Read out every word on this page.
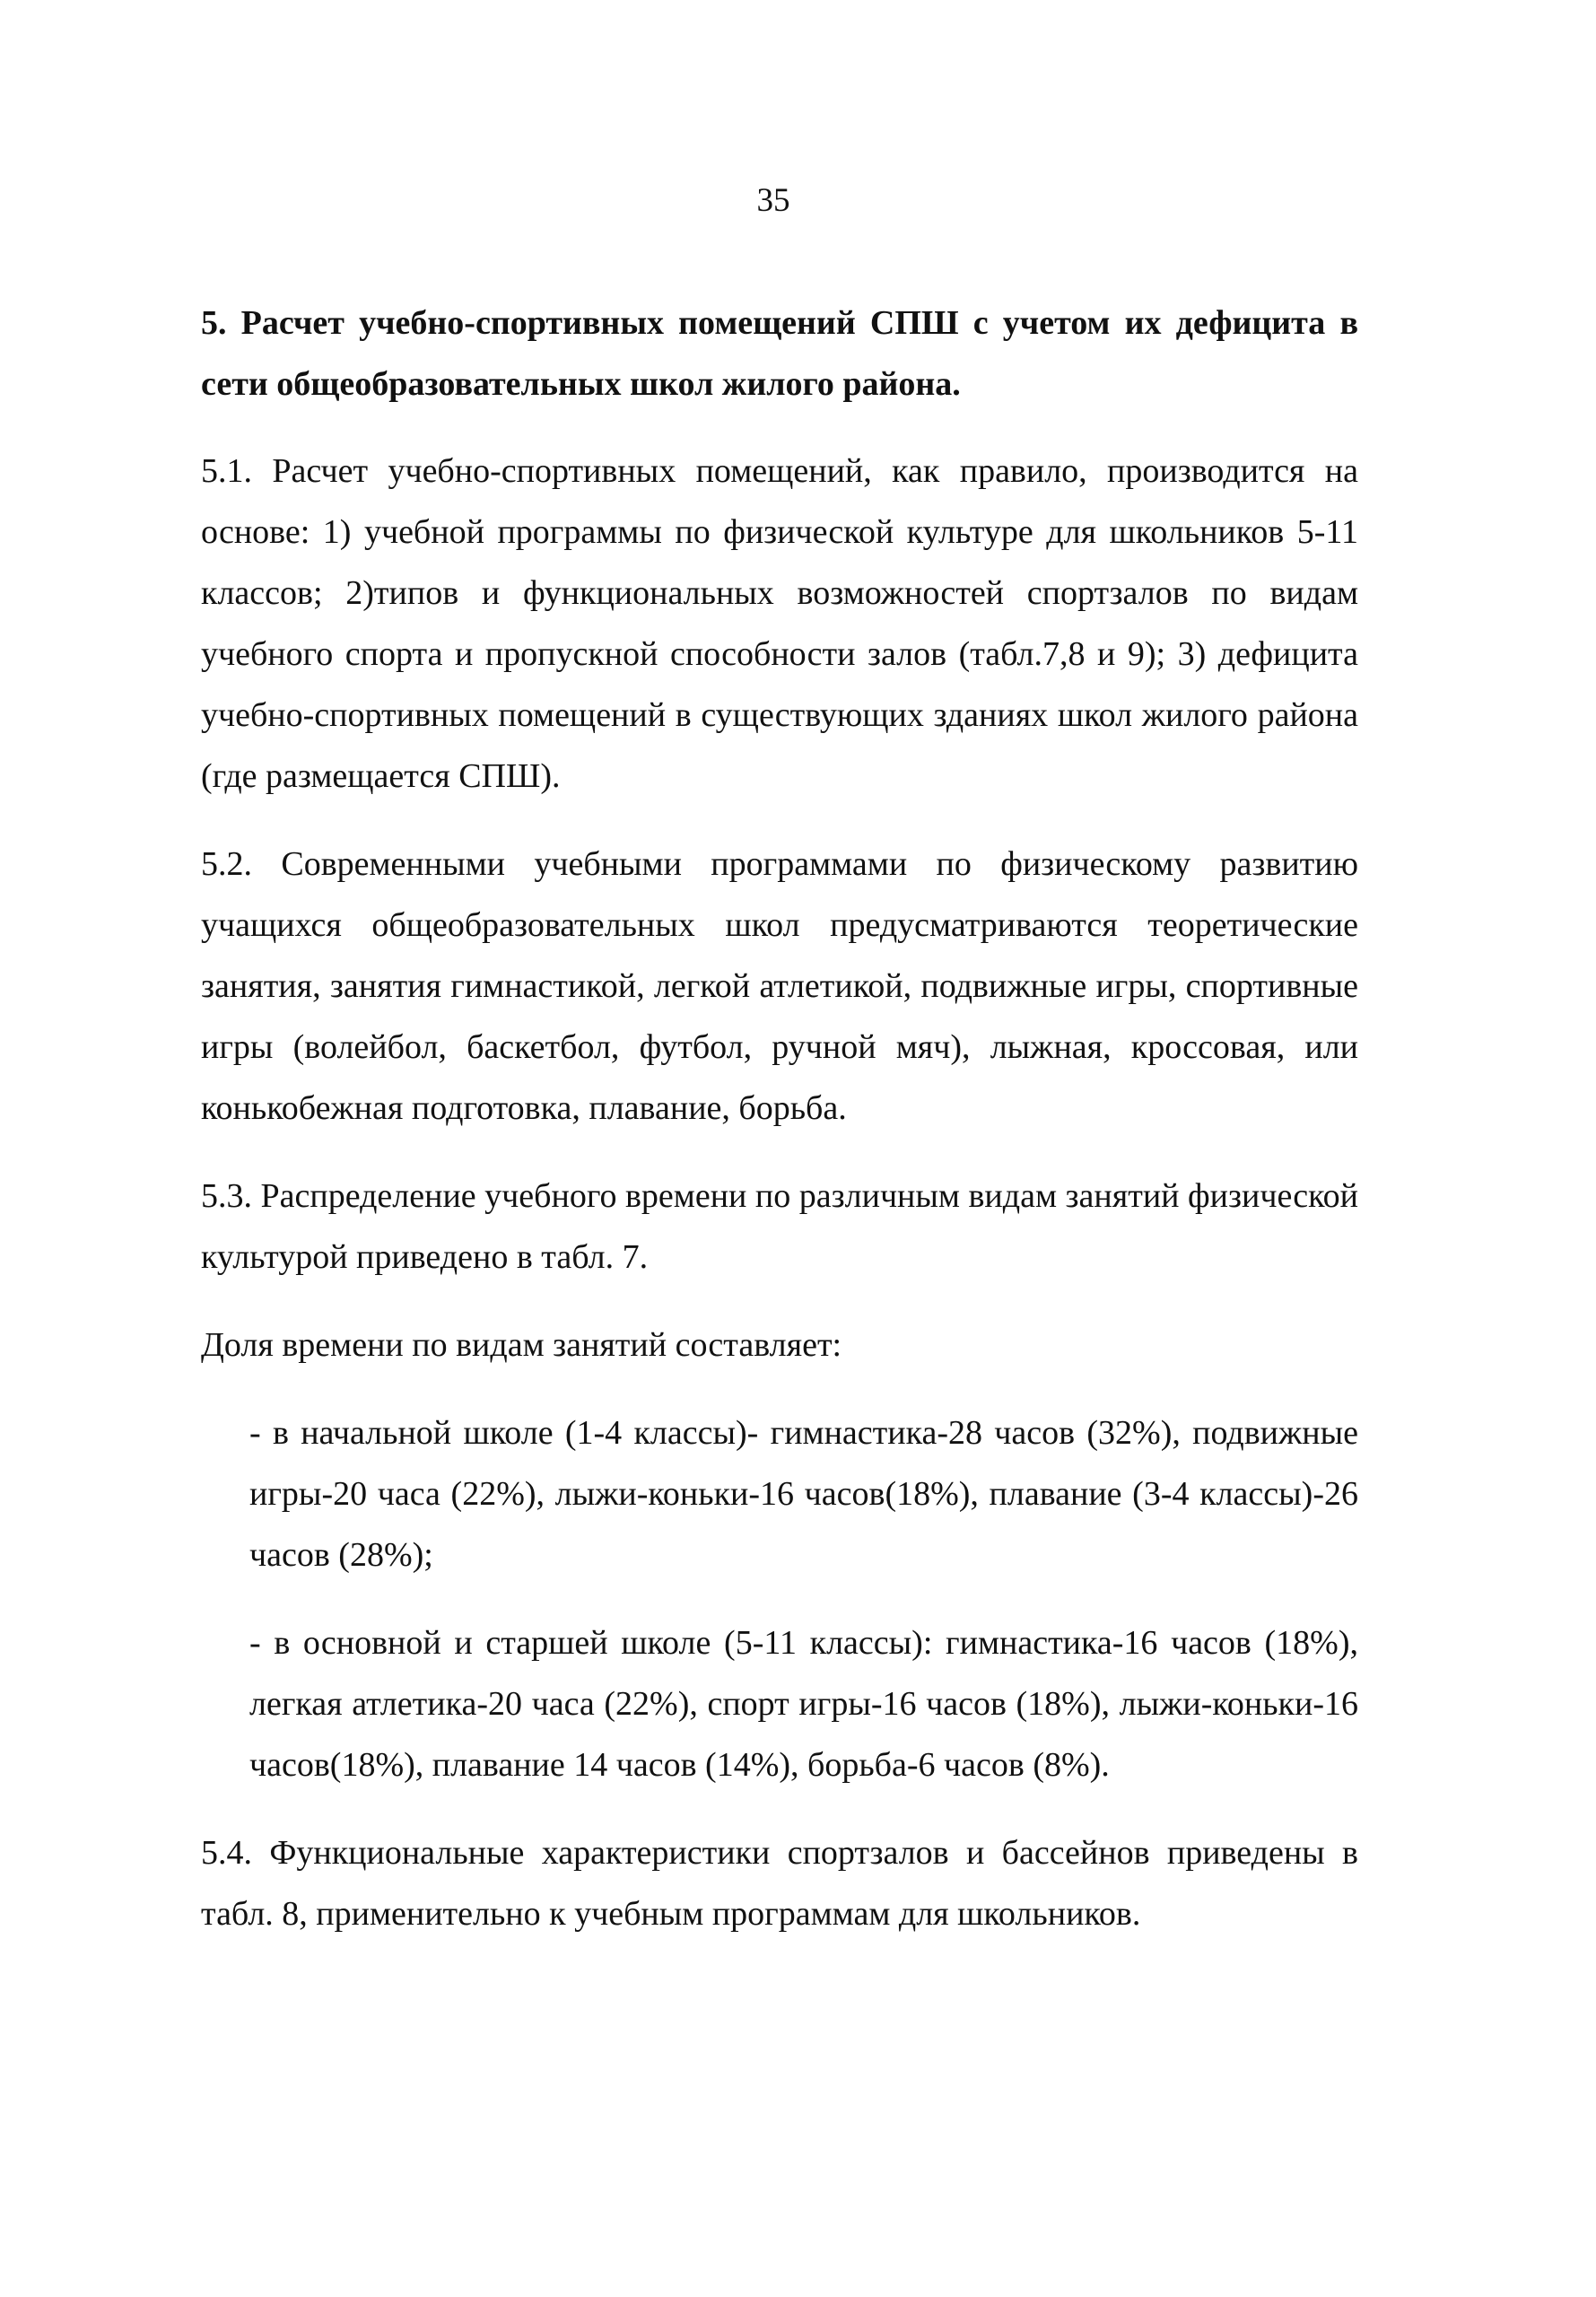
35

5. Расчет учебно-спортивных помещений СПШ с учетом их дефицита в сети общеобразовательных школ жилого района.

5.1. Расчет учебно-спортивных помещений, как правило, производится на основе: 1) учебной программы по физической культуре для школьников 5-11 классов; 2)типов и функциональных возможностей спортзалов по видам учебного спорта и пропускной способности залов (табл.7,8 и 9); 3) дефицита учебно-спортивных помещений в существующих зданиях школ жилого района (где размещается СПШ).

5.2. Современными учебными программами по физическому развитию учащихся общеобразовательных школ предусматриваются теоретические занятия, занятия гимнастикой, легкой атлетикой, подвижные игры, спортивные игры (волейбол, баскетбол, футбол, ручной мяч), лыжная, кроссовая, или конькобежная подготовка, плавание, борьба.

5.3. Распределение учебного времени по различным видам занятий физической культурой приведено в табл. 7.

Доля времени по видам занятий составляет:

- в начальной школе (1-4 классы)- гимнастика-28 часов (32%), подвижные игры-20 часа (22%), лыжи-коньки-16 часов(18%), плавание (3-4 классы)-26 часов (28%);

- в основной и старшей школе (5-11 классы): гимнастика-16 часов (18%), легкая атлетика-20 часа (22%), спорт игры-16 часов (18%), лыжи-коньки-16 часов(18%), плавание 14 часов (14%), борьба-6 часов (8%).

5.4. Функциональные характеристики спортзалов и бассейнов приведены в табл. 8, применительно к учебным программам для школьников.
